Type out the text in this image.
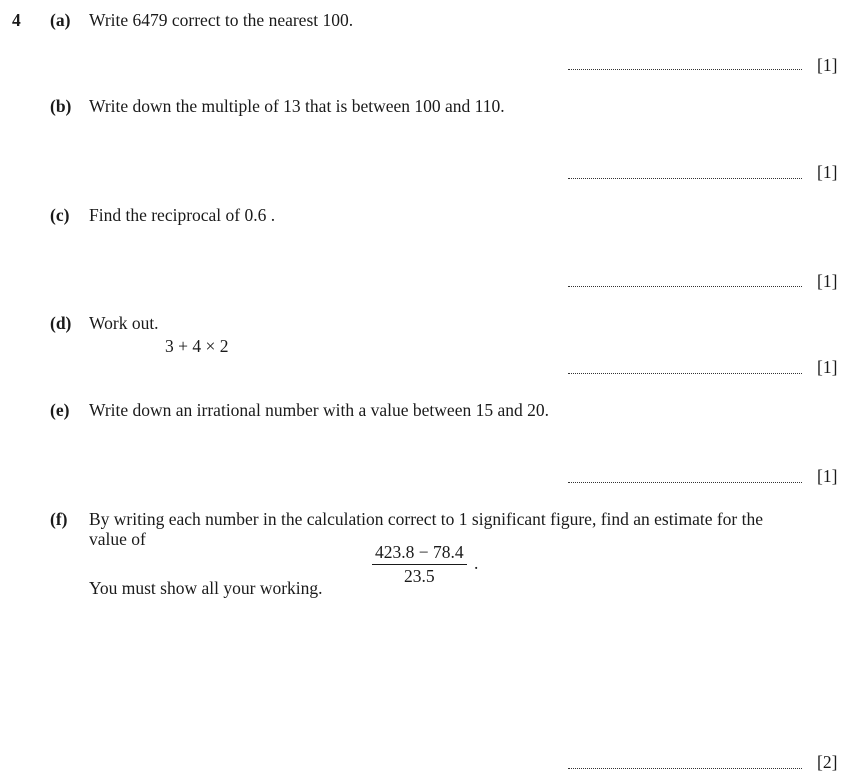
4 (a) Write 6479 correct to the nearest 100.
[1]
(b) Write down the multiple of 13 that is between 100 and 110.
[1]
(c) Find the reciprocal of 0.6 .
[1]
(d) Work out.
3 + 4 × 2
[1]
(e) Write down an irrational number with a value between 15 and 20.
[1]
(f) By writing each number in the calculation correct to 1 significant figure, find an estimate for the
value of
$\frac{423.8 - 78.4}{23.5}$ .
You must show all your working.
[2]
